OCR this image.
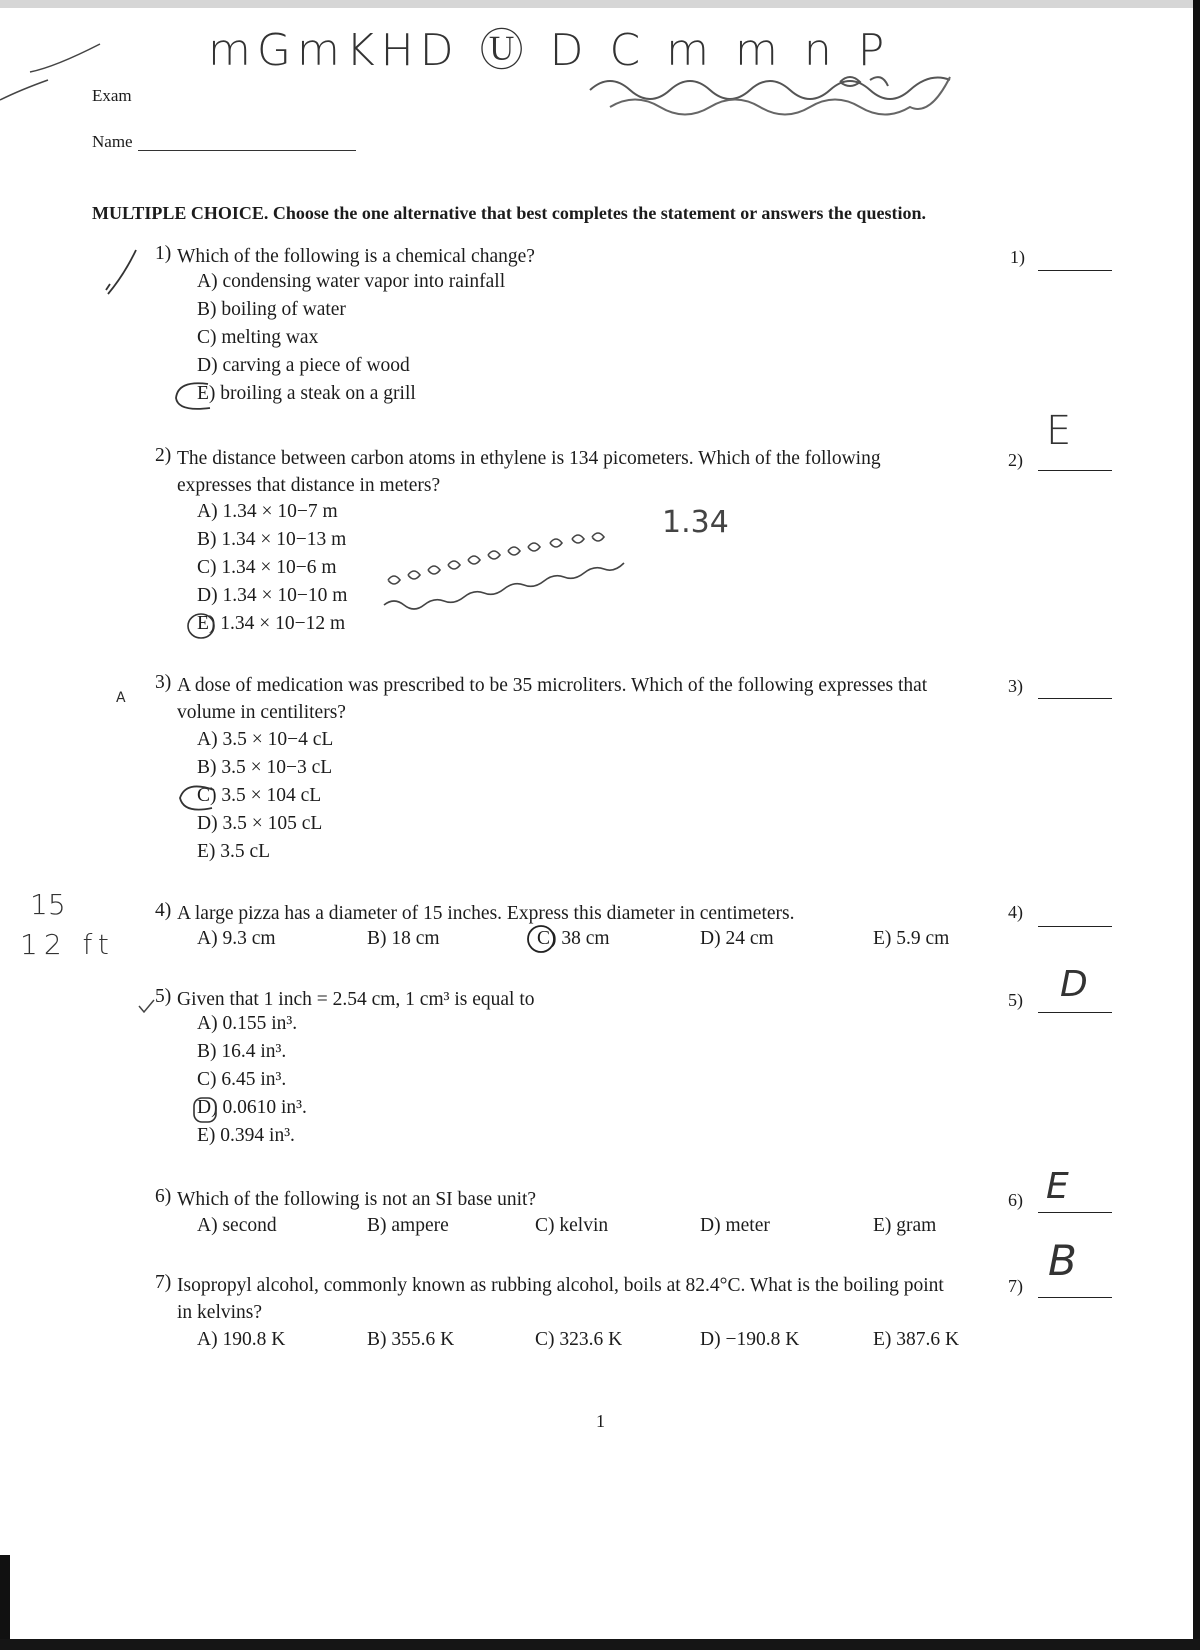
mGmKHD Ⓤ D C m m n P
Exam
Name
MULTIPLE CHOICE. Choose the one alternative that best completes the statement or answers the question.
1) Which of the following is a chemical change?
A) condensing water vapor into rainfall
B) boiling of water
C) melting wax
D) carving a piece of wood
E) broiling a steak on a grill
1)
2) The distance between carbon atoms in ethylene is 134 picometers. Which of the following expresses that distance in meters?
A) 1.34 × 10−7 m
B) 1.34 × 10−13 m
C) 1.34 × 10−6 m
D) 1.34 × 10−10 m
E) 1.34 × 10−12 m
1.34
E
2)
A
3) A dose of medication was prescribed to be 35 microliters. Which of the following expresses that volume in centiliters?
A) 3.5 × 10−4 cL
B) 3.5 × 10−3 cL
C) 3.5 × 104 cL
D) 3.5 × 105 cL
E) 3.5 cL
3)
15
12 ft
4) A large pizza has a diameter of 15 inches. Express this diameter in centimeters.
A) 9.3 cm	B) 18 cm	C) 38 cm	D) 24 cm	E) 5.9 cm
4)
5) Given that 1 inch = 2.54 cm, 1 cm³ is equal to
A) 0.155 in³.
B) 16.4 in³.
C) 6.45 in³.
D) 0.0610 in³.
E) 0.394 in³.
D
5)
6) Which of the following is not an SI base unit?
A) second	B) ampere	C) kelvin	D) meter	E) gram
E
6)
7) Isopropyl alcohol, commonly known as rubbing alcohol, boils at 82.4°C. What is the boiling point in kelvins?
A) 190.8 K	B) 355.6 K	C) 323.6 K	D) −190.8 K	E) 387.6 K
B
7)
1
